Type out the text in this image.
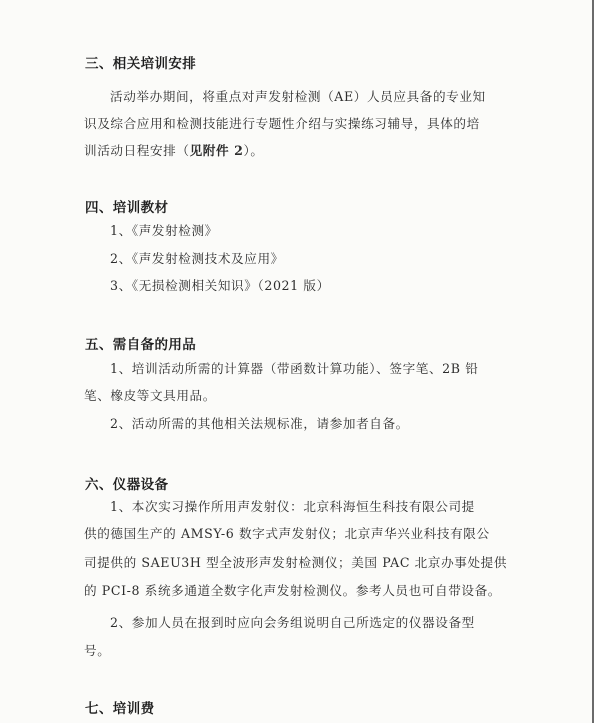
三、相关培训安排
活动举办期间，将重点对声发射检测（AE）人员应具备的专业知
识及综合应用和检测技能进行专题性介绍与实操练习辅导，具体的培
训活动日程安排（见附件 2）。
四、培训教材
1、《声发射检测》
2、《声发射检测技术及应用》
3、《无损检测相关知识》（2021 版）
五、需自备的用品
1、培训活动所需的计算器（带函数计算功能）、签字笔、2B 铅
笔、橡皮等文具用品。
2、活动所需的其他相关法规标准，请参加者自备。
六、仪器设备
1、本次实习操作所用声发射仪：北京科海恒生科技有限公司提
供的德国生产的 AMSY-6 数字式声发射仪；北京声华兴业科技有限公
司提供的 SAEU3H 型全波形声发射检测仪；美国 PAC 北京办事处提供
的 PCI-8 系统多通道全数字化声发射检测仪。参考人员也可自带设备。
2、参加人员在报到时应向会务组说明自己所选定的仪器设备型
号。
七、培训费
